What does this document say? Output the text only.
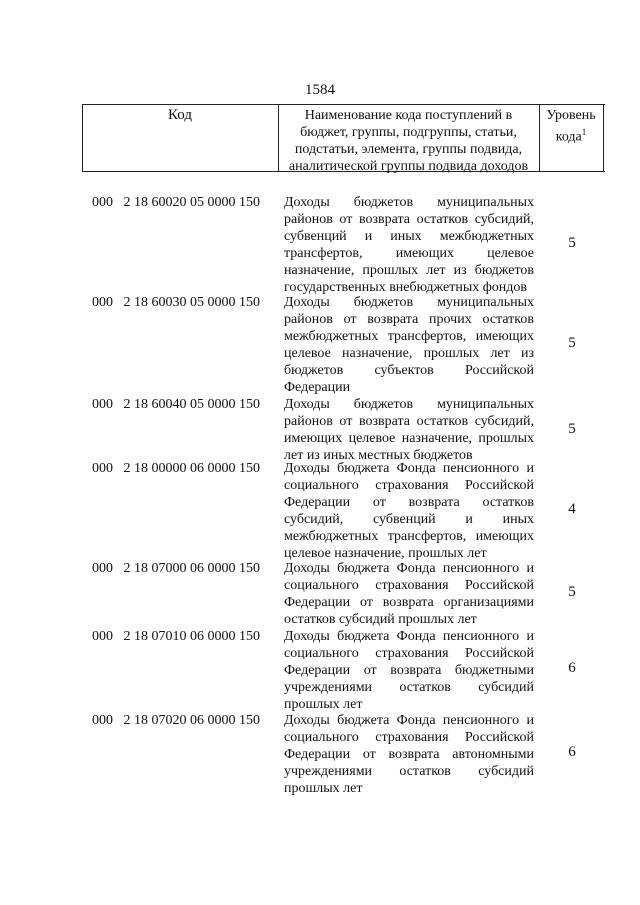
1584
Код	Наименование кода поступлений в
бюджет, группы, подгруппы, статьи,
подстатьи, элемента, группы подвида,
аналитической группы подвида доходов
Уровень
кода$^1$
000   2 18 60020 05 0000 150 Доходы бюджетов муниципальных
районов от возврата остатков субсидий,
субвенций и иных межбюджетных
трансфертов, имеющих целевое
назначение, прошлых лет из бюджетов
государственных внебюджетных фондов
5
000   2 18 60030 05 0000 150 Доходы бюджетов муниципальных
районов от возврата прочих остатков
межбюджетных трансфертов, имеющих
целевое назначение, прошлых лет из
бюджетов субъектов Российской
Федерации
5
000   2 18 60040 05 0000 150 Доходы бюджетов муниципальных
районов от возврата остатков субсидий,
имеющих целевое назначение, прошлых
лет из иных местных бюджетов
5
000   2 18 00000 06 0000 150 Доходы бюджета Фонда пенсионного и
социального страхования Российской
Федерации от возврата остатков
субсидий, субвенций и иных
межбюджетных трансфертов, имеющих
целевое назначение, прошлых лет
4
000   2 18 07000 06 0000 150 Доходы бюджета Фонда пенсионного и
социального страхования Российской
Федерации от возврата организациями
остатков субсидий прошлых лет
5
000   2 18 07010 06 0000 150 Доходы бюджета Фонда пенсионного и
социального страхования Российской
Федерации от возврата бюджетными
учреждениями остатков субсидий
прошлых лет
6
000   2 18 07020 06 0000 150 Доходы бюджета Фонда пенсионного и
социального страхования Российской
Федерации от возврата автономными
учреждениями остатков субсидий
прошлых лет
6
